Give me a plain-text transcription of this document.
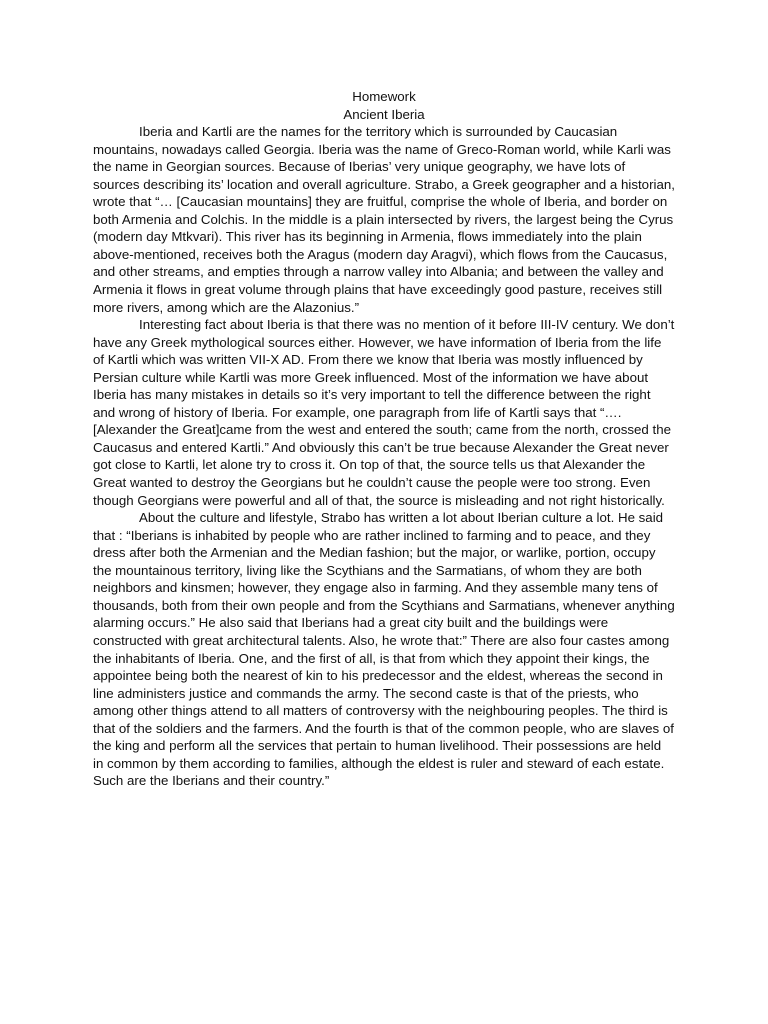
Homework

Ancient Iberia

Iberia and Kartli are the names for the territory which is surrounded by Caucasian mountains, nowadays called Georgia. Iberia was the name of Greco-Roman world, while Karli was the name in Georgian sources. Because of Iberias’ very unique geography, we have lots of sources describing its’ location and overall agriculture. Strabo, a Greek geographer and a historian, wrote that “… [Caucasian mountains] they are fruitful, comprise the whole of Iberia, and border on both Armenia and Colchis. In the middle is a plain intersected by rivers, the largest being the Cyrus (modern day Mtkvari). This river has its beginning in Armenia, flows immediately into the plain above-mentioned, receives both the Aragus (modern day Aragvi), which flows from the Caucasus, and other streams, and empties through a narrow valley into Albania; and between the valley and Armenia it flows in great volume through plains that have exceedingly good pasture, receives still more rivers, among which are the Alazonius.”

Interesting fact about Iberia is that there was no mention of it before III-IV century. We don’t have any Greek mythological sources either. However, we have information of Iberia from the life of Kartli which was written VII-X AD. From there we know that Iberia was mostly influenced by Persian culture while Kartli was more Greek influenced. Most of the information we have about Iberia has many mistakes in details so it’s very important to tell the difference between the right and wrong of history of Iberia. For example, one paragraph from life of Kartli says that “…. [Alexander the Great]came from the west and entered the south; came from the north, crossed the Caucasus and entered Kartli.” And obviously this can’t be true because Alexander the Great never got close to Kartli, let alone try to cross it. On top of that, the source tells us that Alexander the Great wanted to destroy the Georgians but he couldn’t cause the people were too strong. Even though Georgians were powerful and all of that, the source is misleading and not right historically.

About the culture and lifestyle, Strabo has written a lot about Iberian culture a lot. He said that : “Iberians is inhabited by people who are rather inclined to farming and to peace, and they dress after both the Armenian and the Median fashion; but the major, or warlike, portion, occupy the mountainous territory, living like the Scythians and the Sarmatians, of whom they are both neighbors and kinsmen; however, they engage also in farming. And they assemble many tens of thousands, both from their own people and from the Scythians and Sarmatians, whenever anything alarming occurs.” He also said that Iberians had a great city built and the buildings were constructed with great architectural talents. Also, he wrote that:” There are also four castes among the inhabitants of Iberia. One, and the first of all, is that from which they appoint their kings, the appointee being both the nearest of kin to his predecessor and the eldest, whereas the second in line administers justice and commands the army. The second caste is that of the priests, who among other things attend to all matters of controversy with the neighbouring peoples. The third is that of the soldiers and the farmers. And the fourth is that of the common people, who are slaves of the king and perform all the services that pertain to human livelihood. Their possessions are held in common by them according to families, although the eldest is ruler and steward of each estate. Such are the Iberians and their country.”
